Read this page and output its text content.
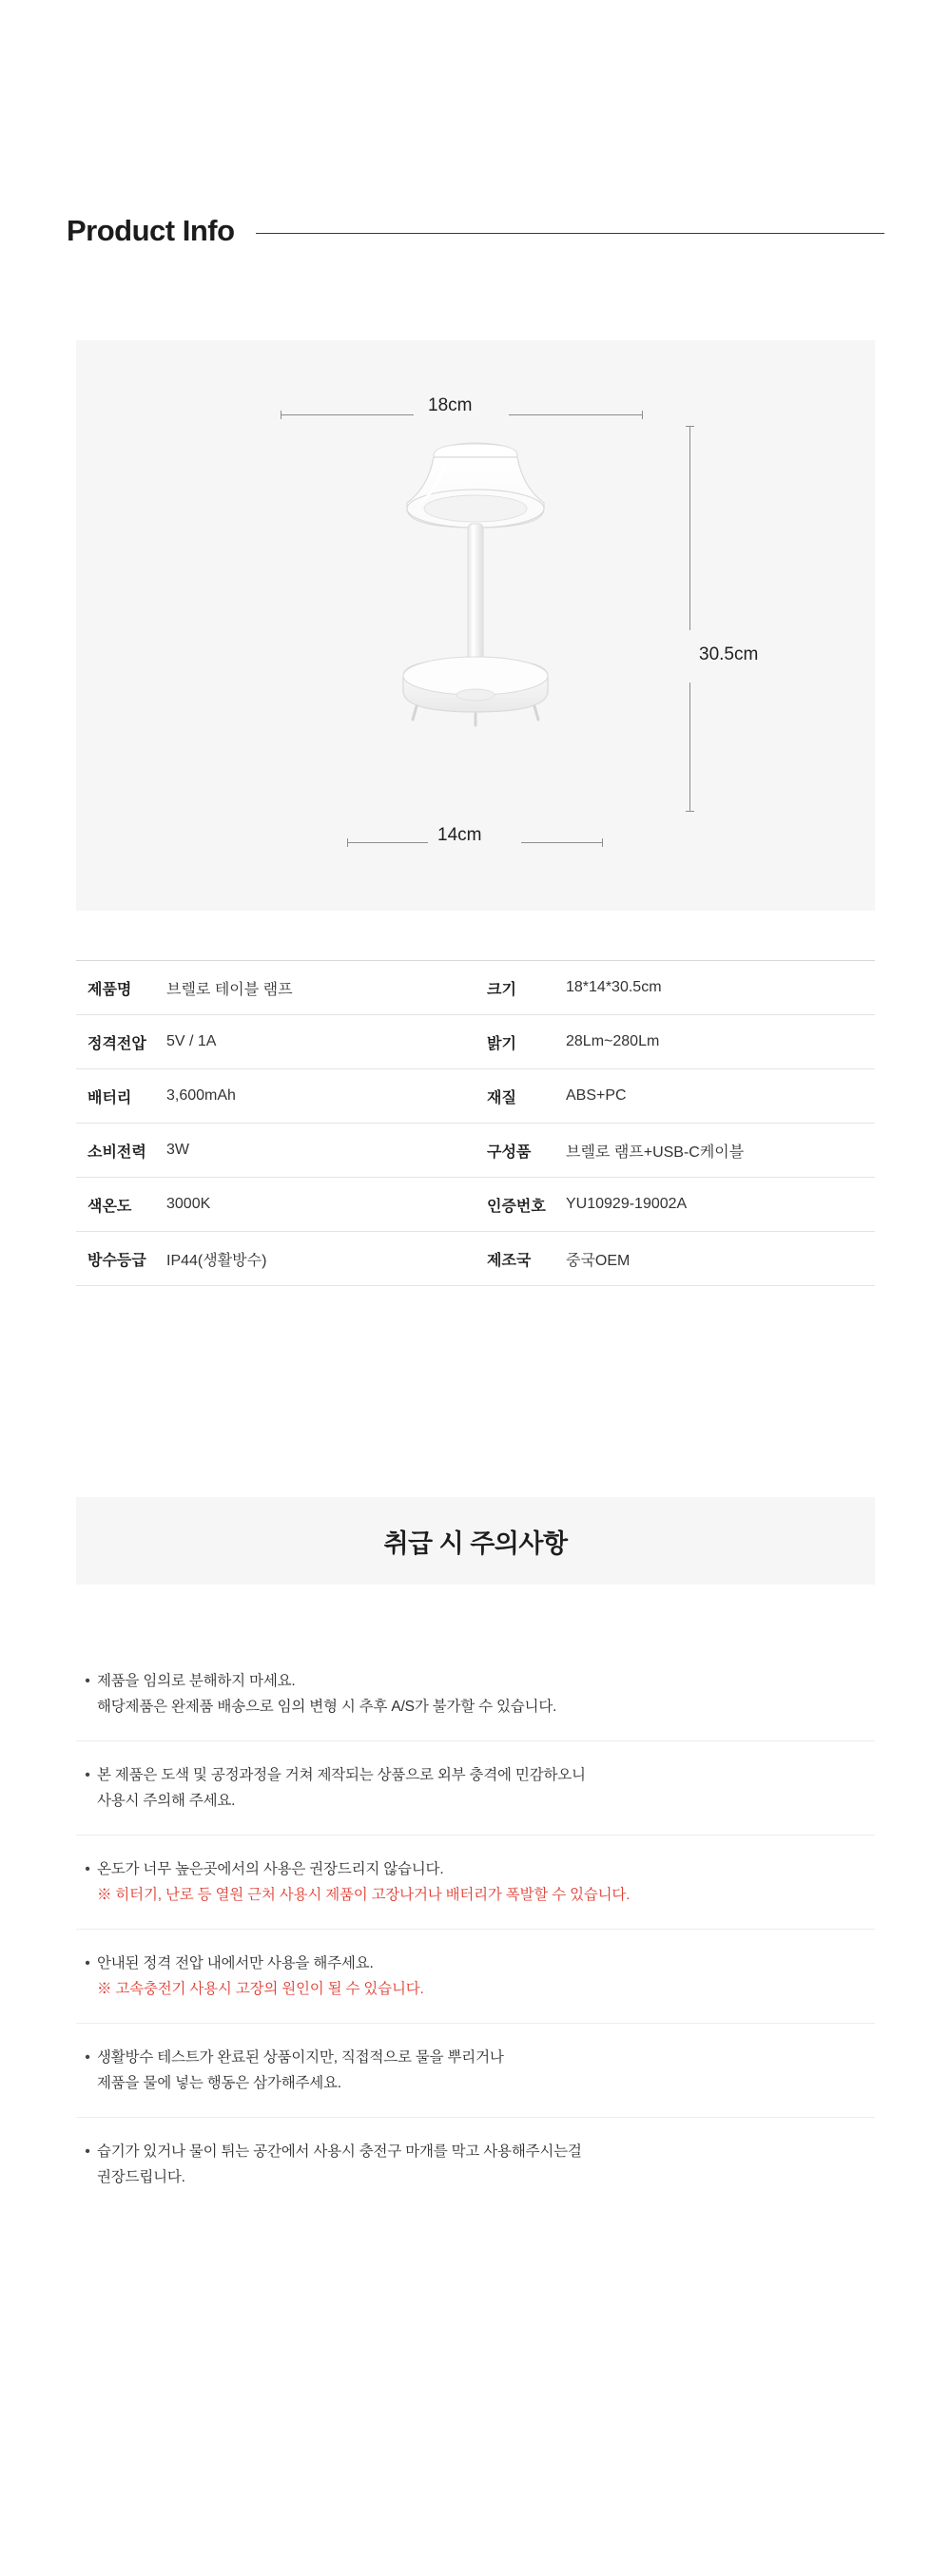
Product Info
18cm
30.5cm
14cm
제품명	브렐로 테이블 램프	크기	18*14*30.5cm
정격전압	5V / 1A	밝기	28Lm~280Lm
배터리	3,600mAh	재질	ABS+PC
소비전력	3W	구성품	브렐로 램프+USB-C케이블
색온도	3000K	인증번호	YU10929-19002A
방수등급	IP44(생활방수)	제조국	중국OEM
취급 시 주의사항
• 제품을 임의로 분해하지 마세요.
해당제품은 완제품 배송으로 임의 변형 시 추후 A/S가 불가할 수 있습니다.
• 본 제품은 도색 및 공정과정을 거쳐 제작되는 상품으로 외부 충격에 민감하오니
사용시 주의해 주세요.
• 온도가 너무 높은곳에서의 사용은 권장드리지 않습니다.
※ 히터기, 난로 등 열원 근처 사용시 제품이 고장나거나 배터리가 폭발할 수 있습니다.
• 안내된 정격 전압 내에서만 사용을 해주세요.
※ 고속충전기 사용시 고장의 원인이 될 수 있습니다.
• 생활방수 테스트가 완료된 상품이지만, 직접적으로 물을 뿌리거나
제품을 물에 넣는 행동은 삼가해주세요.
• 습기가 있거나 물이 튀는 공간에서 사용시 충전구 마개를 막고 사용해주시는걸
권장드립니다.
